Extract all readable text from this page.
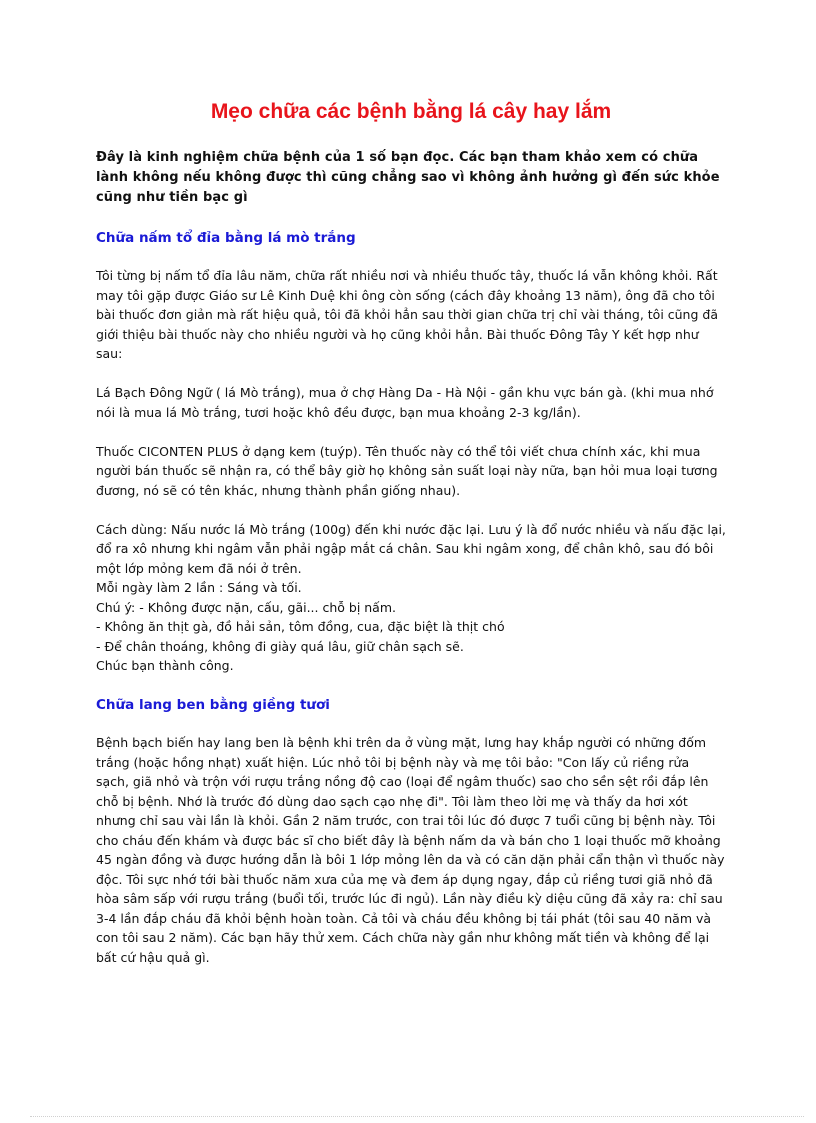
Mẹo chữa các bệnh bằng lá cây hay lắm

Đây là kinh nghiệm chữa bệnh của 1 số bạn đọc. Các bạn tham khảo xem có chữa lành không nếu không được thì cũng chẳng sao vì không ảnh hưởng gì đến sức khỏe cũng như tiền bạc gì

Chữa nấm tổ đỉa bằng lá mò trắng

Tôi từng bị nấm tổ đỉa lâu năm, chữa rất nhiều nơi và nhiều thuốc tây, thuốc lá vẫn không khỏi. Rất may tôi gặp được Giáo sư Lê Kinh Duệ khi ông còn sống (cách đây khoảng 13 năm), ông đã cho tôi bài thuốc đơn giản mà rất hiệu quả, tôi đã khỏi hẳn sau thời gian chữa trị chỉ vài tháng, tôi cũng đã giới thiệu bài thuốc này cho nhiều người và họ cũng khỏi hẳn. Bài thuốc Đông Tây Y kết hợp như sau:

Lá Bạch Đông Ngữ ( lá Mò trắng), mua ở chợ Hàng Da - Hà Nội - gần khu vực bán gà. (khi mua nhớ nói là mua lá Mò trắng, tươi hoặc khô đều được, bạn mua khoảng 2-3 kg/lần).

Thuốc CICONTEN PLUS ở dạng kem (tuýp). Tên thuốc này có thể tôi viết chưa chính xác, khi mua người bán thuốc sẽ nhận ra, có thể bây giờ họ không sản suất loại này nữa, bạn hỏi mua loại tương đương, nó sẽ có tên khác, nhưng thành phần giống nhau).

Cách dùng: Nấu nước lá Mò trắng (100g) đến khi nước đặc lại. Lưu ý là đổ nước nhiều và nấu đặc lại, đổ ra xô nhưng khi ngâm vẫn phải ngập mắt cá chân. Sau khi ngâm xong, để chân khô, sau đó bôi một lớp mỏng kem đã nói ở trên.
Mỗi ngày làm 2 lần : Sáng và tối.
Chú ý: - Không được nặn, cấu, gãi... chỗ bị nấm.
- Không ăn thịt gà, đồ hải sản, tôm đồng, cua, đặc biệt là thịt chó
- Để chân thoáng, không đi giày quá lâu, giữ chân sạch sẽ.
Chúc bạn thành công.
Chữa lang ben bằng giềng tươi

Bệnh bạch biến hay lang ben là bệnh khi trên da ở vùng mặt, lưng hay khắp người có những đốm trắng (hoặc hồng nhạt) xuất hiện. Lúc nhỏ tôi bị bệnh này và mẹ tôi bảo: "Con lấy củ riềng rửa sạch, giã nhỏ và trộn với rượu trắng nồng độ cao (loại để ngâm thuốc) sao cho sền sệt rồi đắp lên chỗ bị bệnh. Nhớ là trước đó dùng dao sạch cạo nhẹ đi". Tôi làm theo lời mẹ và thấy da hơi xót nhưng chỉ sau vài lần là khỏi. Gần 2 năm trước, con trai tôi lúc đó được 7 tuổi cũng bị bệnh này. Tôi cho cháu đến khám và được bác sĩ cho biết đây là bệnh nấm da và bán cho 1 loại thuốc mỡ khoảng 45 ngàn đồng và được hướng dẫn là bôi 1 lớp mỏng lên da và có căn dặn phải cẩn thận vì thuốc này độc. Tôi sực nhớ tới bài thuốc năm xưa của mẹ và đem áp dụng ngay, đắp củ riềng tươi giã nhỏ đã hòa sâm sấp với rượu trắng (buổi tối, trước lúc đi ngủ). Lần này điều kỳ diệu cũng đã xảy ra: chỉ sau 3-4 lần đắp cháu đã khỏi bệnh hoàn toàn. Cả tôi và cháu đều không bị tái phát (tôi sau 40 năm và con tôi sau 2 năm). Các bạn hãy thử xem. Cách chữa này gần như không mất tiền và không để lại bất cứ hậu quả gì.
